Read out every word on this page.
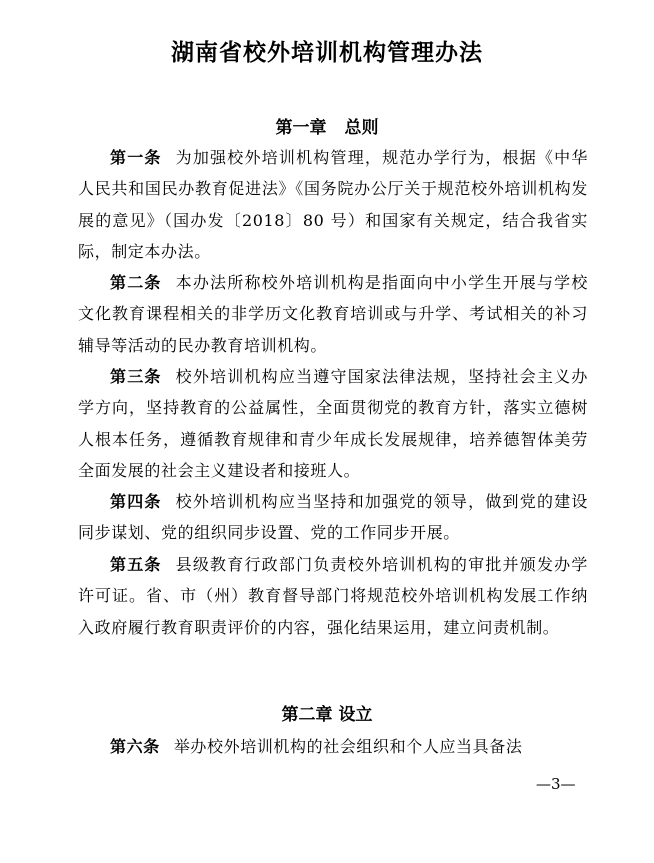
湖南省校外培训机构管理办法
第一章 总则
第一条 为加强校外培训机构管理，规范办学行为，根据《中华人民共和国民办教育促进法》《国务院办公厅关于规范校外培训机构发展的意见》（国办发〔2018〕80 号）和国家有关规定，结合我省实际，制定本办法。
第二条 本办法所称校外培训机构是指面向中小学生开展与学校文化教育课程相关的非学历文化教育培训或与升学、考试相关的补习辅导等活动的民办教育培训机构。
第三条 校外培训机构应当遵守国家法律法规，坚持社会主义办学方向，坚持教育的公益属性，全面贯彻党的教育方针，落实立德树人根本任务，遵循教育规律和青少年成长发展规律，培养德智体美劳全面发展的社会主义建设者和接班人。
第四条 校外培训机构应当坚持和加强党的领导，做到党的建设同步谋划、党的组织同步设置、党的工作同步开展。
第五条 县级教育行政部门负责校外培训机构的审批并颁发办学许可证。省、市（州）教育督导部门将规范校外培训机构发展工作纳入政府履行教育职责评价的内容，强化结果运用，建立问责机制。
第二章 设立
第六条 举办校外培训机构的社会组织和个人应当具备法
—3—
